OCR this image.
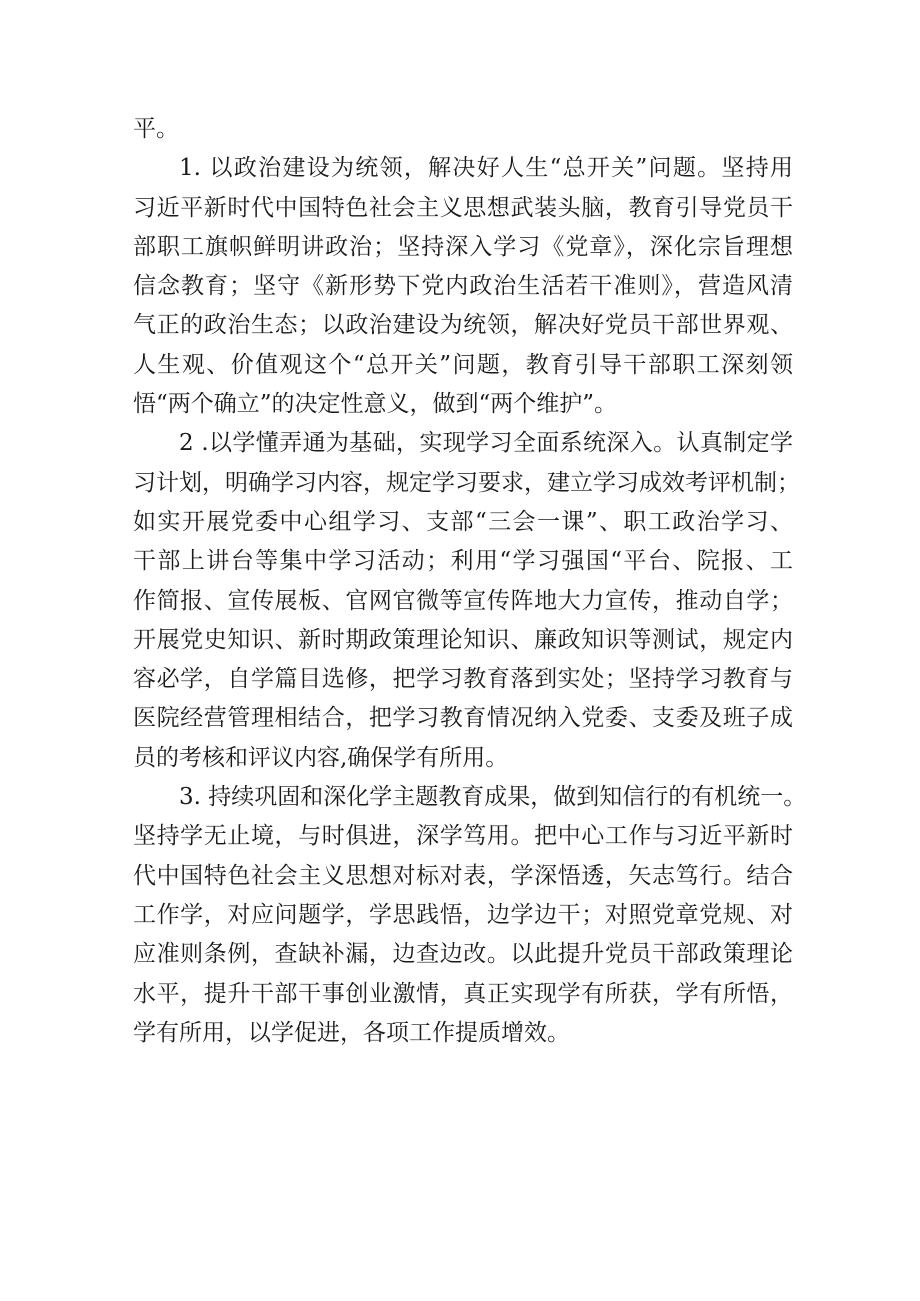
平。
1. 以政治建设为统领，解决好人生“总开关”问题。坚持用
习近平新时代中国特色社会主义思想武装头脑，教育引导党员干
部职工旗帜鲜明讲政治；坚持深入学习《党章》，深化宗旨理想
信念教育；坚守《新形势下党内政治生活若干准则》，营造风清
气正的政治生态；以政治建设为统领，解决好党员干部世界观、
人生观、价值观这个“总开关”问题，教育引导干部职工深刻领
悟“两个确立”的决定性意义，做到“两个维护”。
2 .以学懂弄通为基础，实现学习全面系统深入。认真制定学
习计划，明确学习内容，规定学习要求，建立学习成效考评机制；
如实开展党委中心组学习、支部“三会一课”、职工政治学习、
干部上讲台等集中学习活动；利用“学习强国“平台、院报、工
作简报、宣传展板、官网官微等宣传阵地大力宣传，推动自学；
开展党史知识、新时期政策理论知识、廉政知识等测试，规定内
容必学，自学篇目选修，把学习教育落到实处；坚持学习教育与
医院经营管理相结合，把学习教育情况纳入党委、支委及班子成
员的考核和评议内容,确保学有所用。
3. 持续巩固和深化学主题教育成果，做到知信行的有机统一。
坚持学无止境，与时俱进，深学笃用。把中心工作与习近平新时
代中国特色社会主义思想对标对表，学深悟透，矢志笃行。结合
工作学，对应问题学，学思践悟，边学边干；对照党章党规、对
应准则条例，查缺补漏，边查边改。以此提升党员干部政策理论
水平，提升干部干事创业激情，真正实现学有所获，学有所悟，
学有所用，以学促进，各项工作提质增效。
